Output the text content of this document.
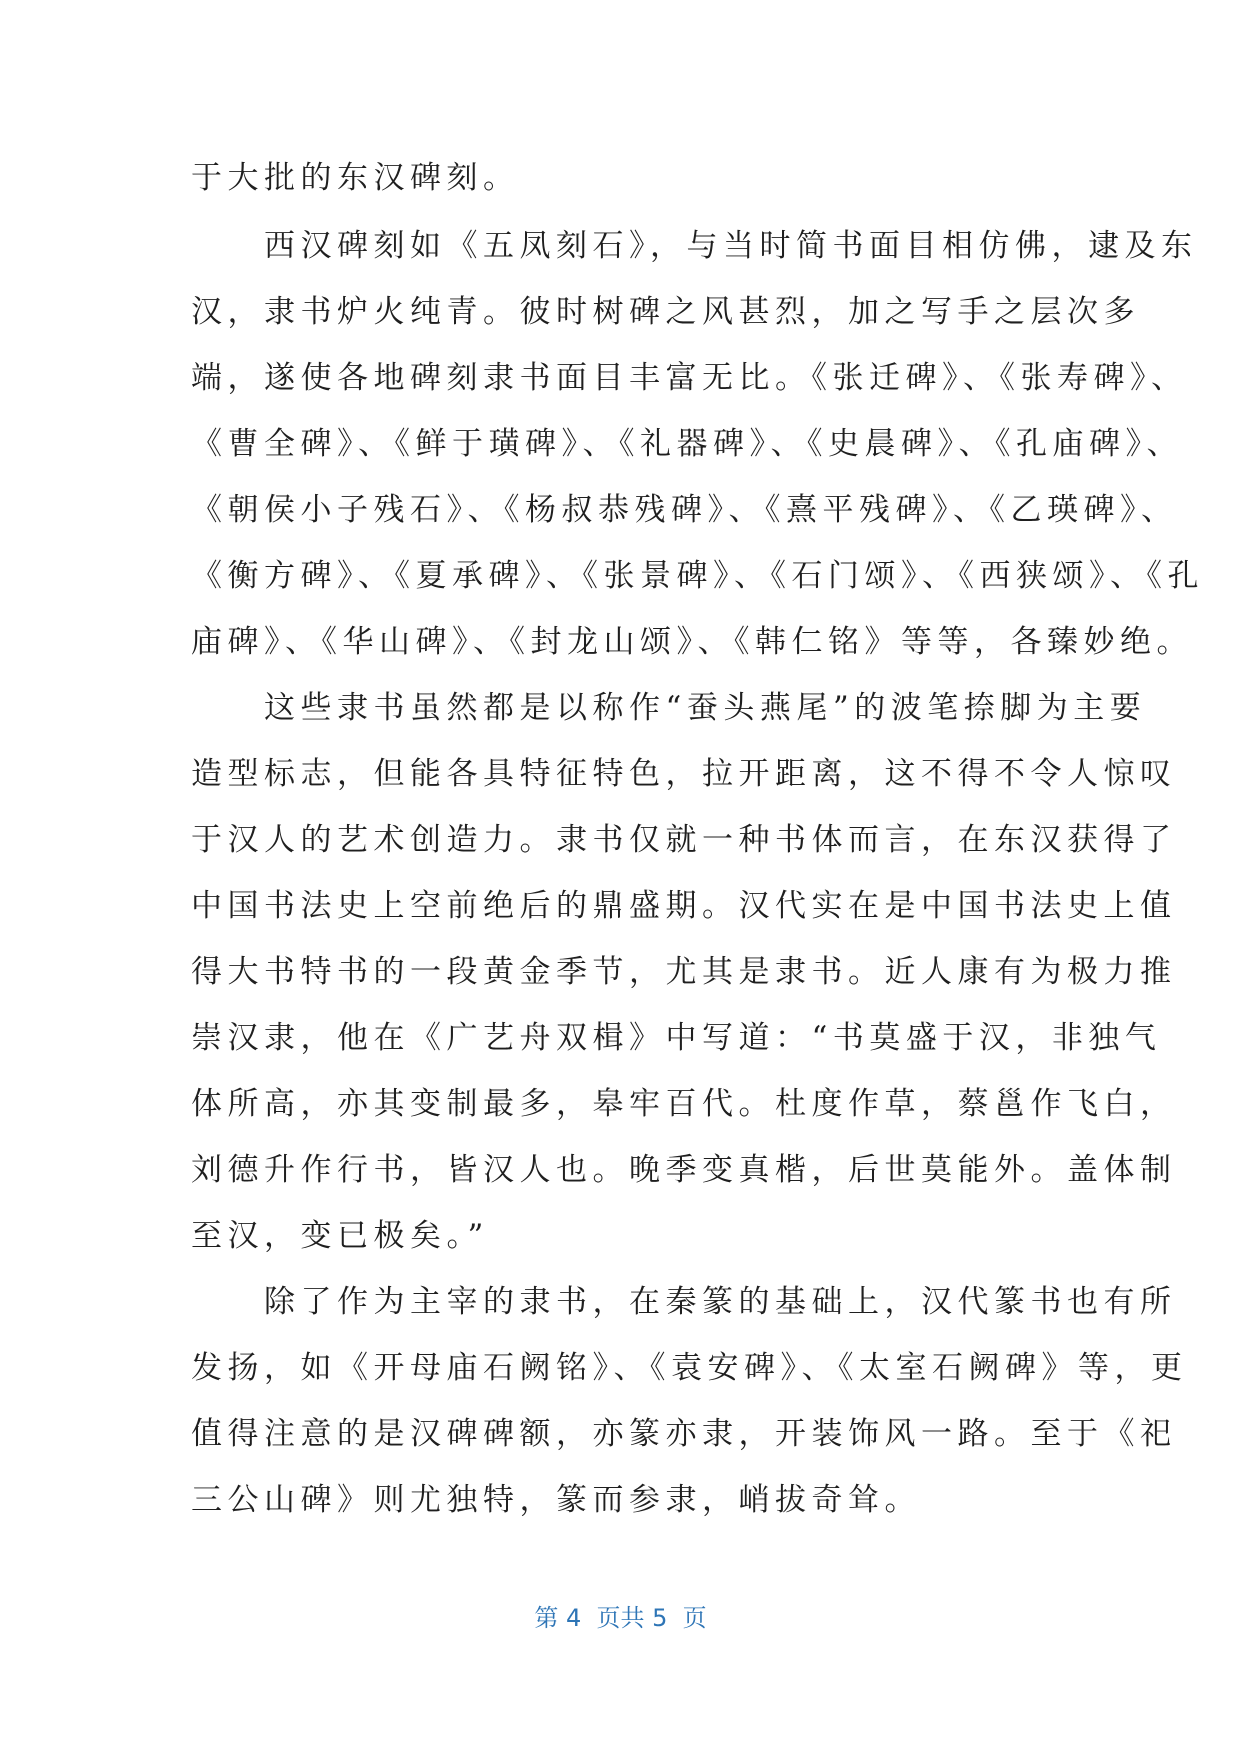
于大批的东汉碑刻。
　　西汉碑刻如《五凤刻石》，与当时简书面目相仿佛，逮及东
汉，隶书炉火纯青。彼时树碑之风甚烈，加之写手之层次多
端，遂使各地碑刻隶书面目丰富无比。《张迁碑》、《张寿碑》、
《曹全碑》、《鲜于璜碑》、《礼器碑》、《史晨碑》、《孔庙碑》、
《朝侯小子残石》、《杨叔恭残碑》、《熹平残碑》、《乙瑛碑》、
《衡方碑》、《夏承碑》、《张景碑》、《石门颂》、《西狭颂》、《孔
庙碑》、《华山碑》、《封龙山颂》、《韩仁铭》等等，各臻妙绝。
　　这些隶书虽然都是以称作“蚕头燕尾”的波笔捺脚为主要
造型标志，但能各具特征特色，拉开距离，这不得不令人惊叹
于汉人的艺术创造力。隶书仅就一种书体而言，在东汉获得了
中国书法史上空前绝后的鼎盛期。汉代实在是中国书法史上值
得大书特书的一段黄金季节，尤其是隶书。近人康有为极力推
崇汉隶，他在《广艺舟双楫》中写道：“书莫盛于汉，非独气
体所高，亦其变制最多，皋牢百代。杜度作草，蔡邕作飞白，
刘德升作行书，皆汉人也。晚季变真楷，后世莫能外。盖体制
至汉，变已极矣。”
　　除了作为主宰的隶书，在秦篆的基础上，汉代篆书也有所
发扬，如《开母庙石阙铭》、《袁安碑》、《太室石阙碑》等，更
值得注意的是汉碑碑额，亦篆亦隶，开装饰风一路。至于《祀
三公山碑》则尤独特，篆而参隶，峭拔奇耸。
第 4  页共 5  页
